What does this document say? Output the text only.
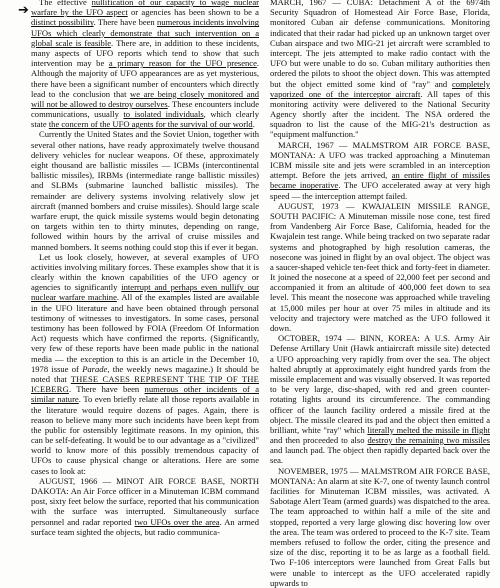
➔

The effective nullification of our capacity to wage nuclear warfare by the UFO aspect or agencies has been shown to be a distinct possibility. There have been numerous incidents involving UFOs which clearly demonstrate that such intervention on a global scale is feasible. There are, in addition to these incidents, many aspects of UFO reports which tend to show that such intervention may be a primary reason for the UFO presence. Although the majority of UFO appearances are as yet mysterious, there have been a significant number of encounters which directly lead to the conclusion that we are being closely monitored and will not be allowed to destroy ourselves. These encounters include communications, usually to isolated individuals, which clearly state the concern of the UFO agents for the survival of our world.

Currently the United States and the Soviet Union, together with several other nations, have ready approximately twelve thousand delivery vehicles for nuclear weapons. Of these, approximately eight thousand are ballistic missiles — ICBMs (intercontinental ballistic missiles), IRBMs (intermediate range ballistic missiles) and SLBMs (submarine launched ballistic missiles). The remainder are delivery systems involving relatively slow jet aircraft (manned bombers and cruise missiles). Should large scale warfare erupt, the quick missile systems would begin detonating on targets within ten to thirty minutes, depending on range, followed within hours by the arrival of cruise missiles and manned bombers. It seems nothing could stop this if ever it began.

Let us look closely, however, at several examples of UFO activities involving military forces. These examples show that it is clearly within the known capabilities of the UFO agency or agencies to significantly interrupt and perhaps even nullify our nuclear warfare machine. All of the examples listed are available in the UFO literature and have been obtained through personal testimony of witnesses to investigators. In some cases, personal testimony has been followed by FOIA (Freedom Of Information Act) requests which have confirmed the reports. (Significantly, very few of these reports have been made public in the national media — the exception to this is an article in the December 10, 1978 issue of Parade, the weekly news magazine.) It should be noted that THESE CASES REPRESENT THE TIP OF THE ICEBERG. There have been numerous other incidents of a similar nature. To even briefly relate all those reports available in the literature would require dozens of pages. Again, there is reason to believe many more such incidents have been kept from the public for ostensibly legitimate reasons. In my opinion, this can be self-defeating. It would be to our advantage as a "civilized" world to know more of this possibly tremendous capacity of UFOs to cause physical change or alterations. Here are some cases to look at:

AUGUST, 1966 — MINOT AIR FORCE BASE, NORTH DAKOTA: An Air Force officer in a Minuteman ICBM command post, sixty feet below the surface, reported that his communication with the surface was interrupted. Simultaneously surface personnel and radar reported two UFOs over the area. An armed surface team sighted the objects, but radio communica-

MARCH, 1967 — CUBA: Detachment A of the 6974th Security Squadron of Homestead Air Force Base, Florida, monitored Cuban air defense communications. Monitoring indicated that their radar had picked up an unknown target over Cuban airspace and two MIG-21 jet aircraft were scrambled to intercept. The jets attempted to make radio contact with the UFO but were unable to do so. Cuban military authorities then ordered the pilots to shoot the object down. This was attempted but the object emitted some kind of "ray" and completely vaporized one of the interceptor aircraft. All tapes of this monitoring activity were delivered to the National Security Agency shortly after the incident. The NSA ordered the squadron to list the cause of the MIG-21's destruction as "equipment malfunction."

MARCH, 1967 — MALMSTROM AIR FORCE BASE, MONTANA: A UFO was tracked approaching a Minuteman ICBM missile site and jets were scrambled in an interception attempt. Before the jets arrived, an entire flight of missiles became inoperative. The UFO accelerated away at very high speed — the interception attempt failed.

AUGUST, 1973 — KWAJALEIN MISSILE RANGE, SOUTH PACIFIC: A Minuteman missile nose cone, test fired from Vandenberg Air Force Base, California, headed for the Kwajalein test range. While being tracked on two separate radar systems and photographed by high resolution cameras, the nosecone was joined in flight by an oval object. The object was a saucer-shaped vehicle ten-feet thick and forty-feet in diameter. It joined the nosecone at a speed of 22,000 feet per second and accompanied it from an altitude of 400,000 feet down to sea level. This meant the nosecone was approached while traveling at 15,000 miles per hour at over 75 miles in altitude and its velocity and trajectory were matched as the UFO followed it down.

OCTOBER, 1974 — BINN, KOREA: A U.S. Army Air Defense Artillary Unit (Hawk antiaircraft missile site) detected a UFO approaching very rapidly from over the sea. The object halted abruptly at approximately eight hundred yards from the missile emplacement and was visually observed. It was reported to be very large, disc-shaped, with red and green counter-rotating lights around its circumference. The commanding officer of the launch facility ordered a missile fired at the object. The missile cleared its pad and the object then emitted a brilliant, white "ray" which literally melted the missile in flight and then proceeded to also destroy the remaining two missiles and launch pad. The object then rapidly departed back over the sea.

NOVEMBER, 1975 — MALMSTROM AIR FORCE BASE, MONTANA: An alarm at site K-7, one of twenty launch control facilities for Minuteman ICBM missiles, was activated. A Sabotage Alert Team (armed guards) was dispatched to the area. The team approached to within half a mile of the site and stopped, reported a very large glowing disc hovering low over the area. The team was ordered to proceed to the K-7 site. Team members refused to follow the order, citing the presence and size of the disc, reporting it to be as large as a football field. Two F-106 interceptors were launched from Great Falls but were unable to intercept as the UFO accelerated rapidly upwards to
